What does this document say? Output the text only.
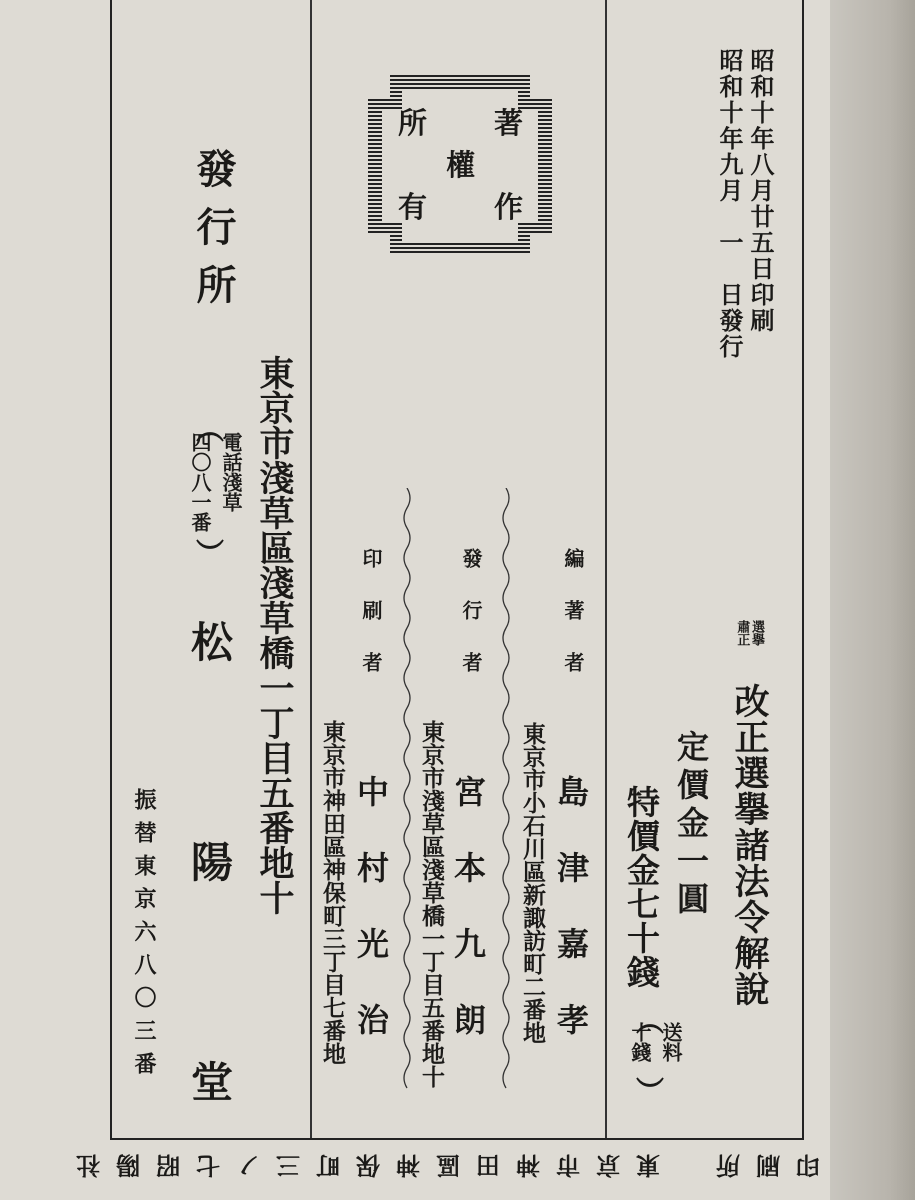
昭和十年八月廿五日印刷
昭和十年九月　一　日發行
選擧
肅正
改正選擧諸法令解說
定價金一圓
特價金七十錢
︵
送料
十錢
︶
著
權
作
所
有
編 著 者
島　津　嘉　孝
東京市小石川區新諏訪町二番地
發 行 者
宮　本　九　朗
東京市淺草區淺草橋一丁目五番地十
印 刷 者
中　村　光　治
東京市神田區神保町三丁目七番地
東京市淺草區淺草橋一丁目五番地十
發行所
︵
電話淺草
四〇八一番
︶
松　陽　堂
振替東京六八〇三番
印刷所　東京市神田區神保町三ノ七昭陽社
